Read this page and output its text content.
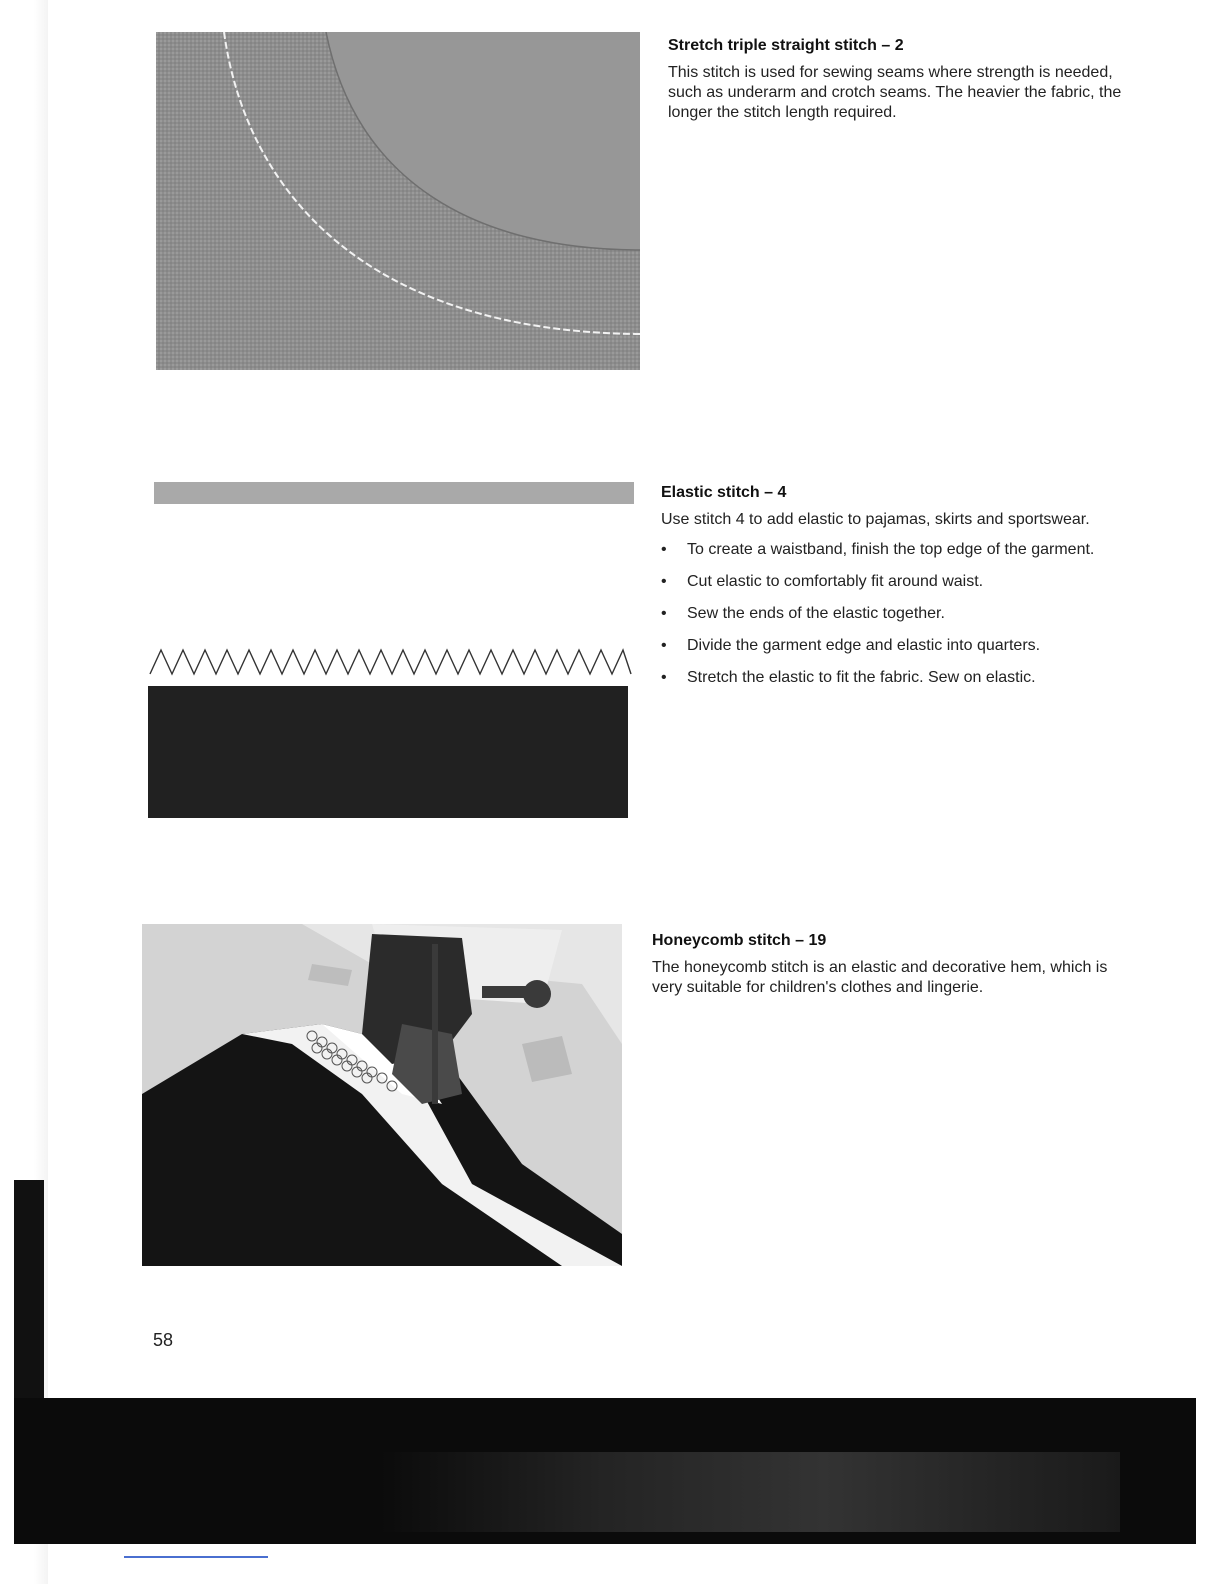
Stretch triple straight stitch – 2

This stitch is used for sewing seams where strength is needed, such as underarm and crotch seams. The heavier the fabric, the longer the stitch length required.

Elastic stitch – 4

Use stitch 4 to add elastic to pajamas, skirts and sportswear.

• To create a waistband, finish the top edge of the garment.
• Cut elastic to comfortably fit around waist.
• Sew the ends of the elastic together.
• Divide the garment edge and elastic into quarters.
• Stretch the elastic to fit the fabric. Sew on elastic.
Honeycomb stitch – 19

The honeycomb stitch is an elastic and decorative hem, which is very suitable for children's clothes and lingerie.

58
